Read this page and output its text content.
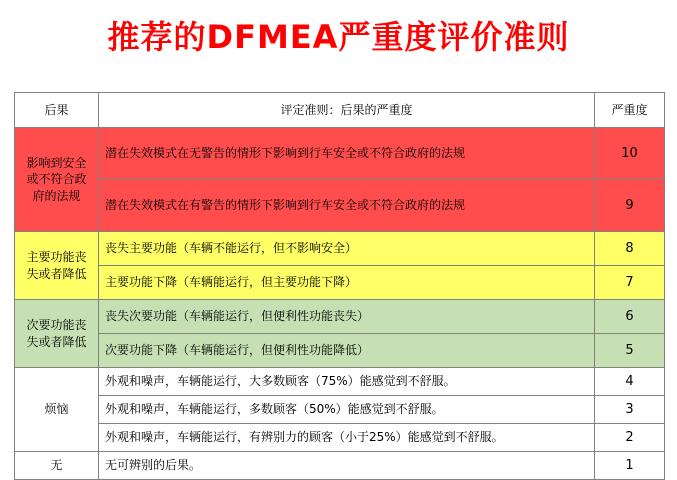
推荐的DFMEA严重度评价准则
后果	评定准则：后果的严重度	严重度
影响到安全或不符合政府的法规	潜在失效模式在无警告的情形下影响到行车安全或不符合政府的法规	10
	潜在失效模式在有警告的情形下影响到行车安全或不符合政府的法规	9
主要功能丧失或者降低	丧失主要功能（车辆不能运行，但不影响安全）	8
	主要功能下降（车辆能运行，但主要功能下降）	7
次要功能丧失或者降低	丧失次要功能（车辆能运行，但便利性功能丧失）	6
	次要功能下降（车辆能运行，但便利性功能降低）	5
烦恼	外观和噪声，车辆能运行，大多数顾客（75%）能感觉到不舒服。	4
	外观和噪声，车辆能运行，多数顾客（50%）能感觉到不舒服。	3
	外观和噪声，车辆能运行，有辨别力的顾客（小于25%）能感觉到不舒服。	2
无	无可辨别的后果。	1
